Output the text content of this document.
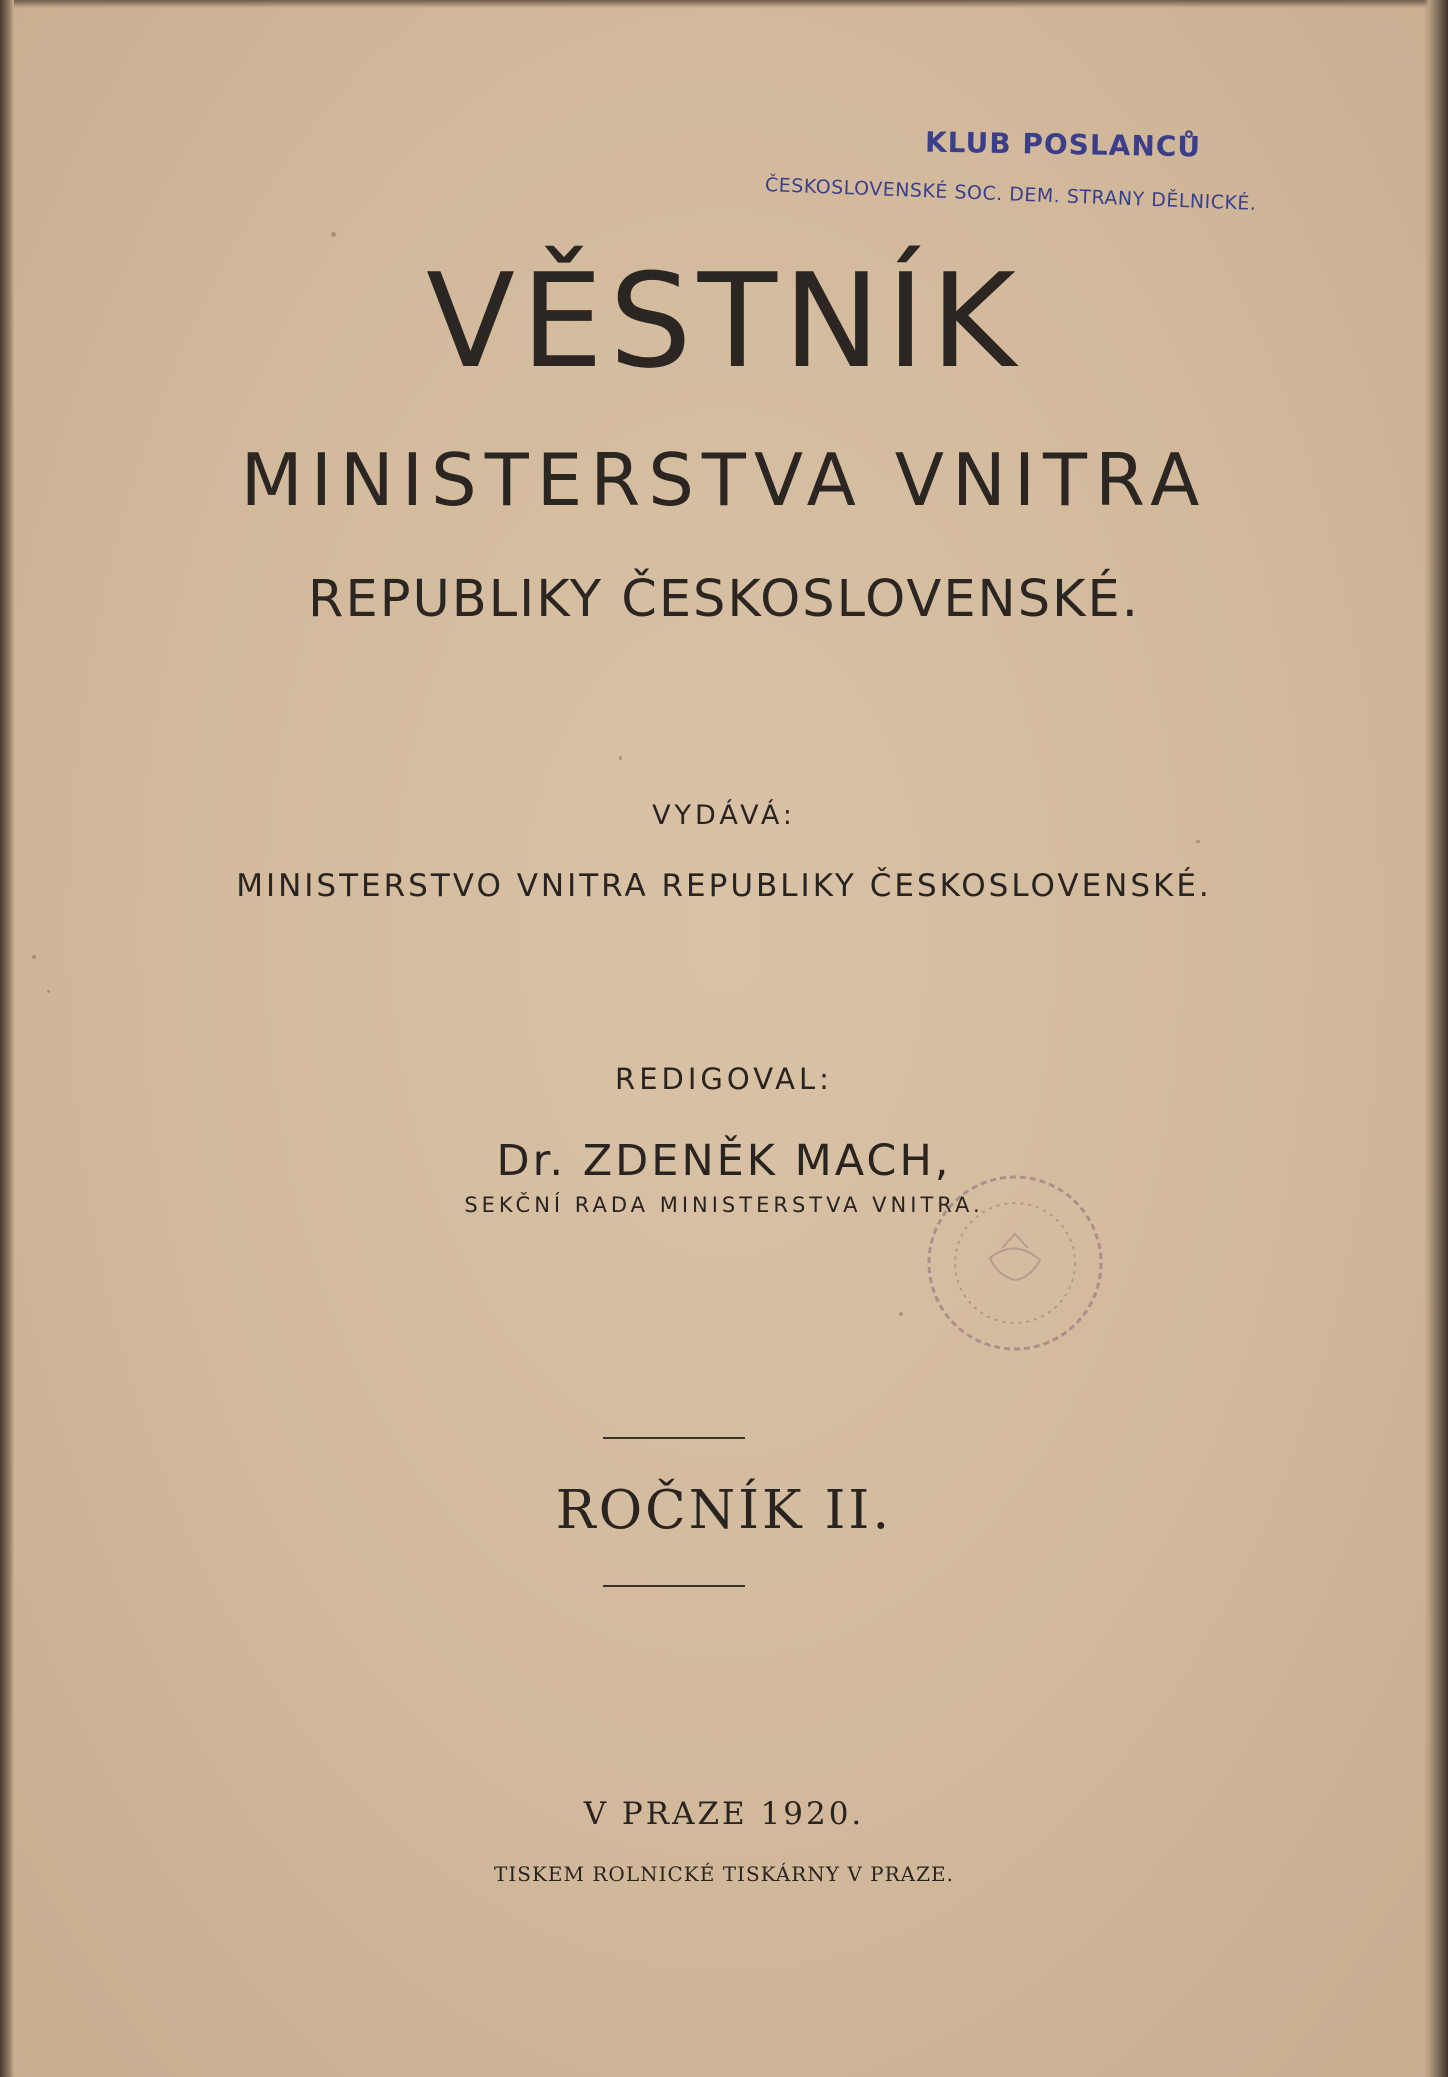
KLUB POSLANCŮ
ČESKOSLOVENSKÉ SOC. DEM. STRANY DĚLNICKÉ.
VĚSTNÍK
MINISTERSTVA VNITRA
REPUBLIKY ČESKOSLOVENSKÉ.
VYDÁVÁ:
MINISTERSTVO VNITRA REPUBLIKY ČESKOSLOVENSKÉ.
REDIGOVAL:
Dr. ZDENĚK MACH,
SEKČNÍ RADA MINISTERSTVA VNITRA.
ROČNÍK II.
V PRAZE 1920.
TISKEM ROLNICKÉ TISKÁRNY V PRAZE.
